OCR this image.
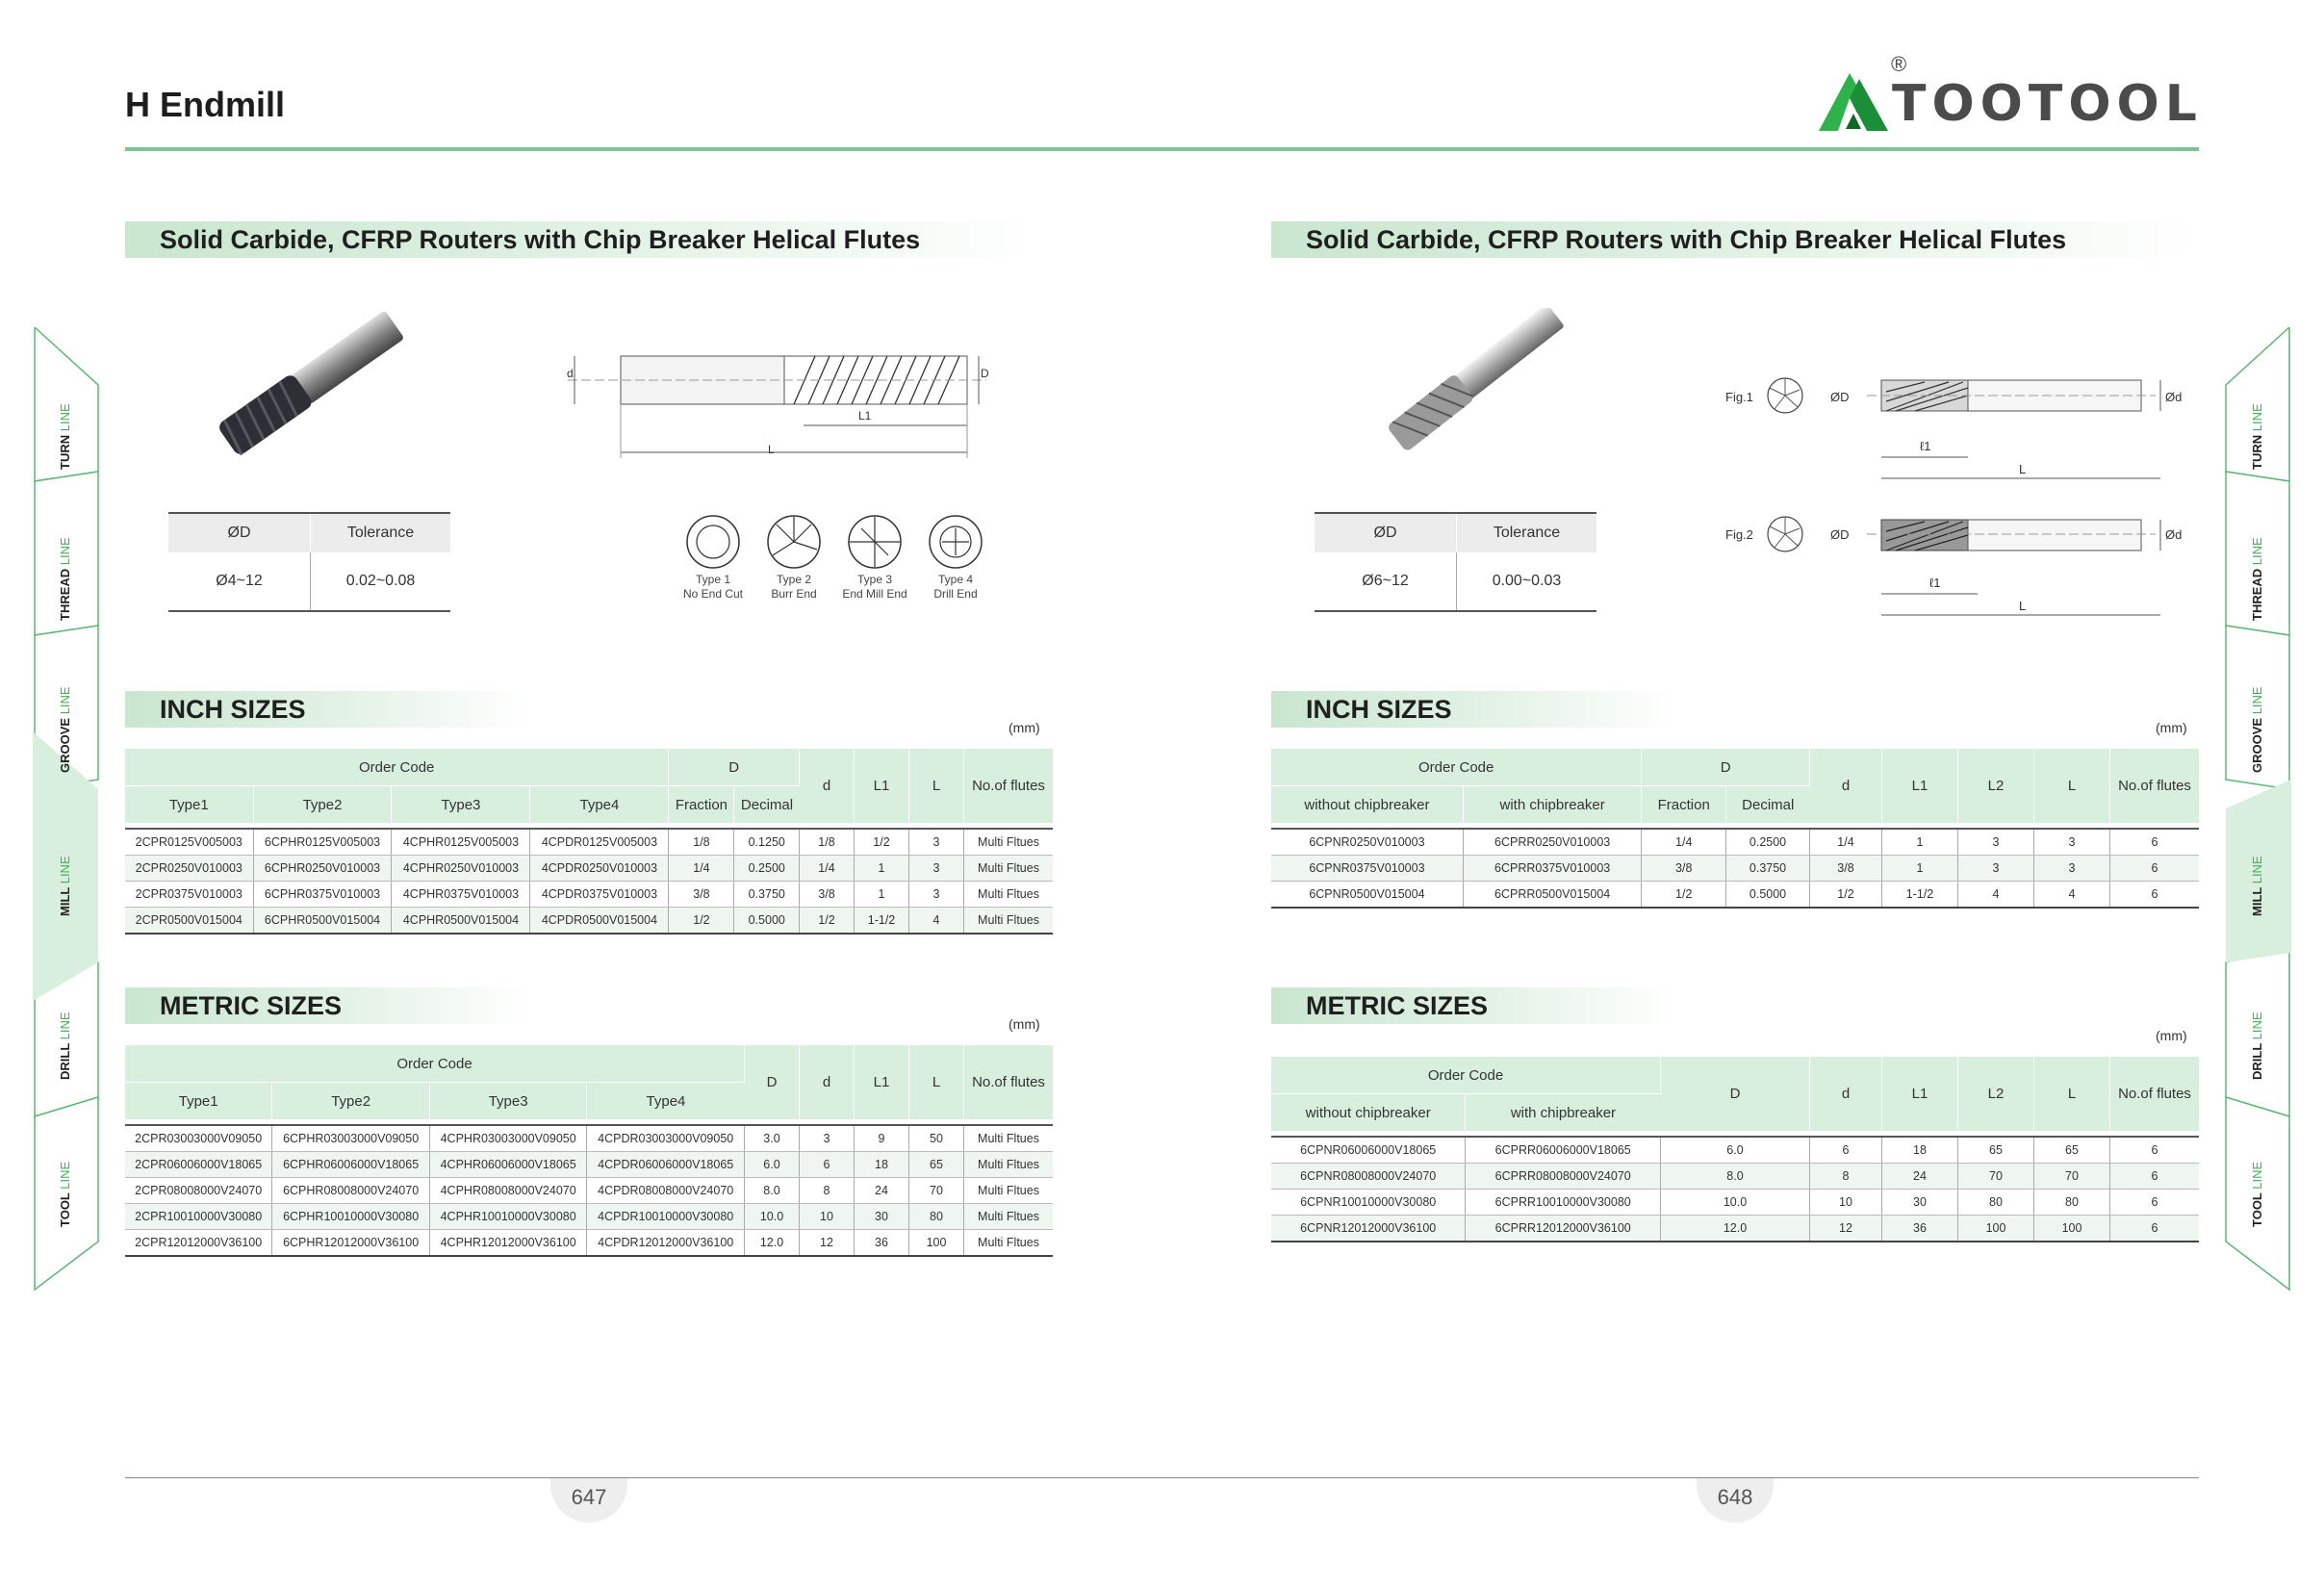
H Endmill	TOOTOOL
®
TURN LINE
THREAD LINE
GROOVE LINE
MILL LINE
DRILL LINE
TOOL LINE
TURN LINE
THREAD LINE
GROOVE LINE
MILL LINE
DRILL LINE
TOOL LINE
Solid Carbide, CFRP Routers with Chip Breaker Helical Flutes
d	D
L1
L
Type 1
No End Cut
Type 2
Burr End
Type 3
End Mill End
Type 4
Drill End
ØD	Tolerance
Ø4~12	0.02~0.08
INCH SIZES
(mm)
Order Code				D		d	L1	L	No.of flutes
Type1	Type2	Type3	Type4	Fraction	Decimal				

2CPR0125V005003	6CPHR0125V005003	4CPHR0125V005003	4CPDR0125V005003	1/8	0.1250	1/8	1/2	3	Multi Fltues
2CPR0250V010003	6CPHR0250V010003	4CPHR0250V010003	4CPDR0250V010003	1/4	0.2500	1/4	1	3	Multi Fltues
2CPR0375V010003	6CPHR0375V010003	4CPHR0375V010003	4CPDR0375V010003	3/8	0.3750	3/8	1	3	Multi Fltues
2CPR0500V015004	6CPHR0500V015004	4CPHR0500V015004	4CPDR0500V015004	1/2	0.5000	1/2	1-1/2	4	Multi Fltues
METRIC SIZES
(mm)
Order Code				D	d	L1	L	No.of flutes
Type1	Type2	Type3	Type4					

2CPR03003000V09050	6CPHR03003000V09050	4CPHR03003000V09050	4CPDR03003000V09050	3.0	3	9	50	Multi Fltues
2CPR06006000V18065	6CPHR06006000V18065	4CPHR06006000V18065	4CPDR06006000V18065	6.0	6	18	65	Multi Fltues
2CPR08008000V24070	6CPHR08008000V24070	4CPHR08008000V24070	4CPDR08008000V24070	8.0	8	24	70	Multi Fltues
2CPR10010000V30080	6CPHR10010000V30080	4CPHR10010000V30080	4CPDR10010000V30080	10.0	10	30	80	Multi Fltues
2CPR12012000V36100	6CPHR12012000V36100	4CPHR12012000V36100	4CPDR12012000V36100	12.0	12	36	100	Multi Fltues
Solid Carbide, CFRP Routers with Chip Breaker Helical Flutes
Fig.1
Fig.2
ØD
ØD
Ød
Ød
ℓ1
ℓ1
L
L
ØD	Tolerance
Ø6~12	0.00~0.03
INCH SIZES
(mm)
Order Code		D		d	L1	L2	L	No.of flutes
without chipbreaker	with chipbreaker	Fraction	Decimal					

6CPNR0250V010003	6CPRR0250V010003	1/4	0.2500	1/4	1	3	3	6
6CPNR0375V010003	6CPRR0375V010003	3/8	0.3750	3/8	1	3	3	6
6CPNR0500V015004	6CPRR0500V015004	1/2	0.5000	1/2	1-1/2	4	4	6
METRIC SIZES
(mm)
Order Code		D	d	L1	L2	L	No.of flutes
without chipbreaker	with chipbreaker						

6CPNR06006000V18065	6CPRR06006000V18065	6.0	6	18	65	65	6
6CPNR08008000V24070	6CPRR08008000V24070	8.0	8	24	70	70	6
6CPNR10010000V30080	6CPRR10010000V30080	10.0	10	30	80	80	6
6CPNR12012000V36100	6CPRR12012000V36100	12.0	12	36	100	100	6
647	648
